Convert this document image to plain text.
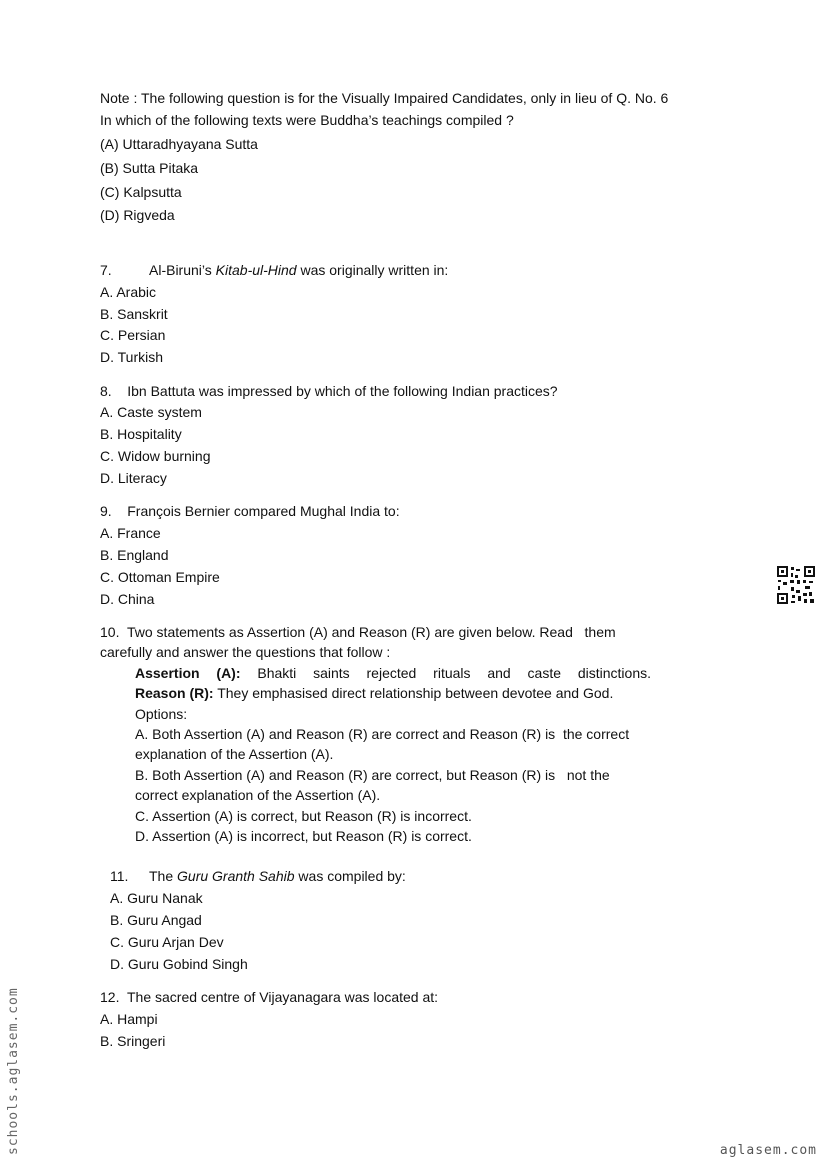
Note : The following question is for the Visually Impaired Candidates, only in lieu of Q. No. 6
In which of the following texts were Buddha’s teachings compiled ?
(A) Uttaradhyayana Sutta
(B) Sutta Pitaka
(C) Kalpsutta
(D) Rigveda
7.	Al-Biruni’s Kitab-ul-Hind was originally written in:
A. Arabic
B. Sanskrit
C. Persian
D. Turkish
8.    Ibn Battuta was impressed by which of the following Indian practices?
A. Caste system
B. Hospitality
C. Widow burning
D. Literacy
9.    François Bernier compared Mughal India to:
A. France
B. England
C. Ottoman Empire
D. China
10.  Two statements as Assertion (A) and Reason (R) are given below. Read   them
carefully and answer the questions that follow :
Assertion (A): Bhakti saints rejected rituals and caste distinctions.
Reason (R): They emphasised direct relationship between devotee and God.
Options:
A. Both Assertion (A) and Reason (R) are correct and Reason (R) is  the correct
explanation of the Assertion (A).
B. Both Assertion (A) and Reason (R) are correct, but Reason (R) is   not the
correct explanation of the Assertion (A).
C. Assertion (A) is correct, but Reason (R) is incorrect.
D. Assertion (A) is incorrect, but Reason (R) is correct.
11. The Guru Granth Sahib was compiled by:
A. Guru Nanak
B. Guru Angad
C. Guru Arjan Dev
D. Guru Gobind Singh
12.  The sacred centre of Vijayanagara was located at:
A. Hampi
B. Sringeri
schools.aglasem.com	aglasem.com
